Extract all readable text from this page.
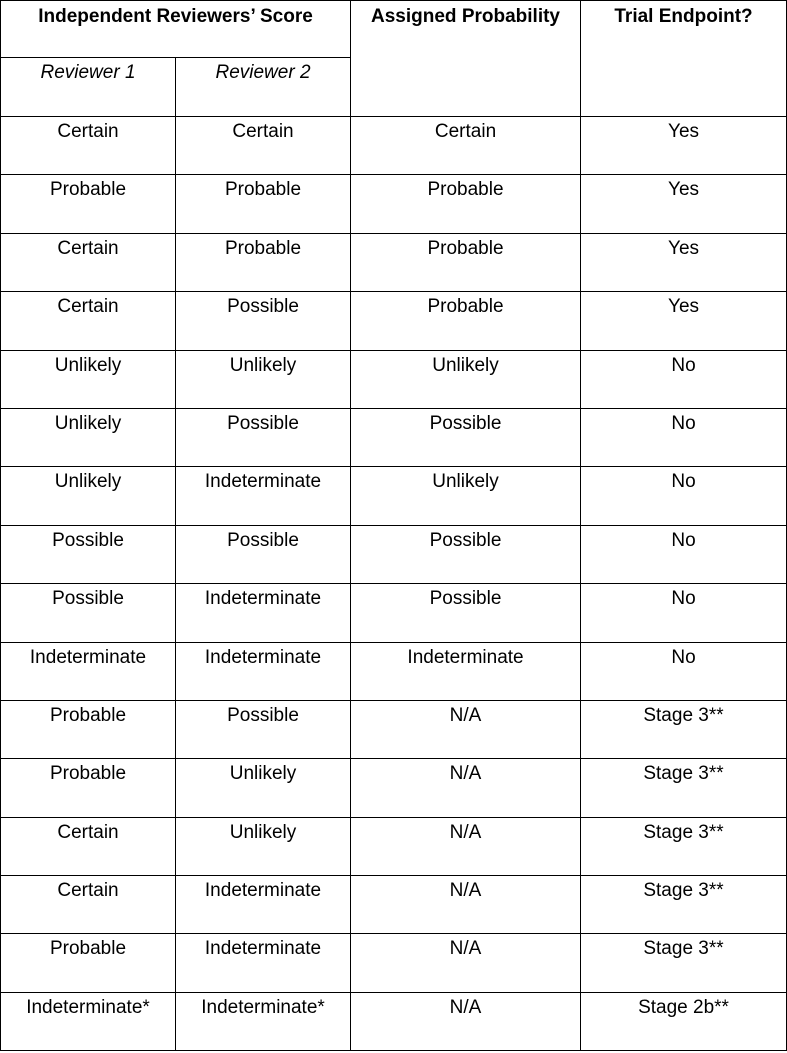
Independent Reviewers’ Score		Assigned Probability	Trial Endpoint?
Reviewer 1	Reviewer 2		
Certain	Certain	Certain	Yes
Probable	Probable	Probable	Yes
Certain	Probable	Probable	Yes
Certain	Possible	Probable	Yes
Unlikely	Unlikely	Unlikely	No
Unlikely	Possible	Possible	No
Unlikely	Indeterminate	Unlikely	No
Possible	Possible	Possible	No
Possible	Indeterminate	Possible	No
Indeterminate	Indeterminate	Indeterminate	No
Probable	Possible	N/A	Stage 3**
Probable	Unlikely	N/A	Stage 3**
Certain	Unlikely	N/A	Stage 3**
Certain	Indeterminate	N/A	Stage 3**
Probable	Indeterminate	N/A	Stage 3**
Indeterminate*	Indeterminate*	N/A	Stage 2b**
